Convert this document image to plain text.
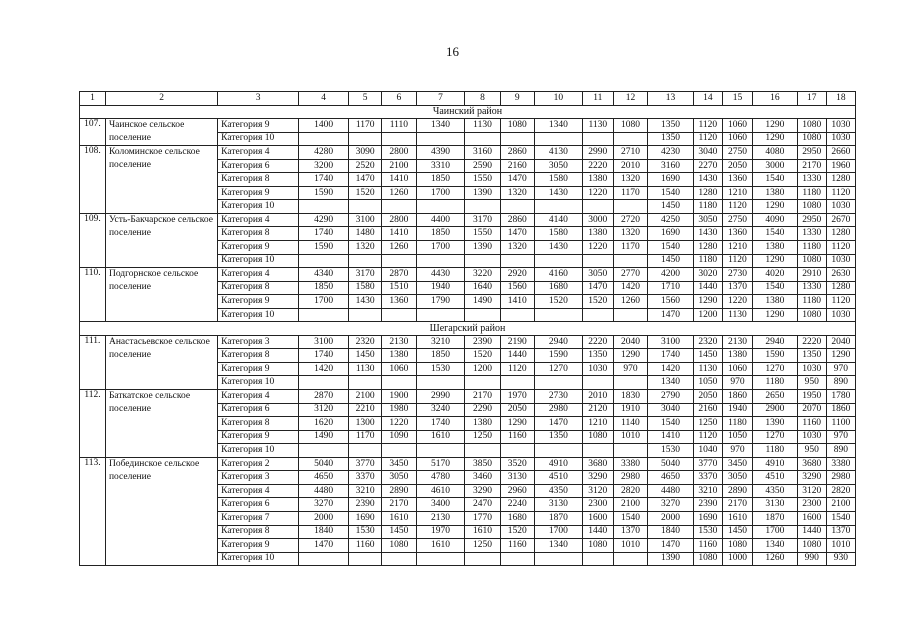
16
1	2	3	4	5	6	7	8	9	10	11	12	13	14	15	16	17	18
Чаинский район																	
107.	Чаинское сельское поселение	Категория 9	1400	1170	1110	1340	1130	1080	1340	1130	1080	1350	1120	1060	1290	1080	1030
		Категория 10										1350	1120	1060	1290	1080	1030
108.	Коломинское сельское поселение	Категория 4	4280	3090	2800	4390	3160	2860	4130	2990	2710	4230	3040	2750	4080	2950	2660
		Категория 6	3200	2520	2100	3310	2590	2160	3050	2220	2010	3160	2270	2050	3000	2170	1960
		Категория 8	1740	1470	1410	1850	1550	1470	1580	1380	1320	1690	1430	1360	1540	1330	1280
		Категория 9	1590	1520	1260	1700	1390	1320	1430	1220	1170	1540	1280	1210	1380	1180	1120
		Категория 10										1450	1180	1120	1290	1080	1030
109.	Усть-Бакчарское сельское поселение	Категория 4	4290	3100	2800	4400	3170	2860	4140	3000	2720	4250	3050	2750	4090	2950	2670
		Категория 8	1740	1480	1410	1850	1550	1470	1580	1380	1320	1690	1430	1360	1540	1330	1280
		Категория 9	1590	1320	1260	1700	1390	1320	1430	1220	1170	1540	1280	1210	1380	1180	1120
		Категория 10										1450	1180	1120	1290	1080	1030
110.	Подгорнское сельское поселение	Категория 4	4340	3170	2870	4430	3220	2920	4160	3050	2770	4200	3020	2730	4020	2910	2630
		Категория 8	1850	1580	1510	1940	1640	1560	1680	1470	1420	1710	1440	1370	1540	1330	1280
		Категория 9	1700	1430	1360	1790	1490	1410	1520	1520	1260	1560	1290	1220	1380	1180	1120
		Категория 10										1470	1200	1130	1290	1080	1030
Шегарский район																	
111.	Анастасьевское сельское поселение	Категория 3	3100	2320	2130	3210	2390	2190	2940	2220	2040	3100	2320	2130	2940	2220	2040
		Категория 8	1740	1450	1380	1850	1520	1440	1590	1350	1290	1740	1450	1380	1590	1350	1290
		Категория 9	1420	1130	1060	1530	1200	1120	1270	1030	970	1420	1130	1060	1270	1030	970
		Категория 10										1340	1050	970	1180	950	890
112.	Баткатское сельское поселение	Категория 4	2870	2100	1900	2990	2170	1970	2730	2010	1830	2790	2050	1860	2650	1950	1780
		Категория 6	3120	2210	1980	3240	2290	2050	2980	2120	1910	3040	2160	1940	2900	2070	1860
		Категория 8	1620	1300	1220	1740	1380	1290	1470	1210	1140	1540	1250	1180	1390	1160	1100
		Категория 9	1490	1170	1090	1610	1250	1160	1350	1080	1010	1410	1120	1050	1270	1030	970
		Категория 10										1530	1040	970	1180	950	890
113.	Побединское сельское поселение	Категория 2	5040	3770	3450	5170	3850	3520	4910	3680	3380	5040	3770	3450	4910	3680	3380
		Категория 3	4650	3370	3050	4780	3460	3130	4510	3290	2980	4650	3370	3050	4510	3290	2980
		Категория 4	4480	3210	2890	4610	3290	2960	4350	3120	2820	4480	3210	2890	4350	3120	2820
		Категория 6	3270	2390	2170	3400	2470	2240	3130	2300	2100	3270	2390	2170	3130	2300	2100
		Категория 7	2000	1690	1610	2130	1770	1680	1870	1600	1540	2000	1690	1610	1870	1600	1540
		Категория 8	1840	1530	1450	1970	1610	1520	1700	1440	1370	1840	1530	1450	1700	1440	1370
		Категория 9	1470	1160	1080	1610	1250	1160	1340	1080	1010	1470	1160	1080	1340	1080	1010
		Категория 10										1390	1080	1000	1260	990	930
